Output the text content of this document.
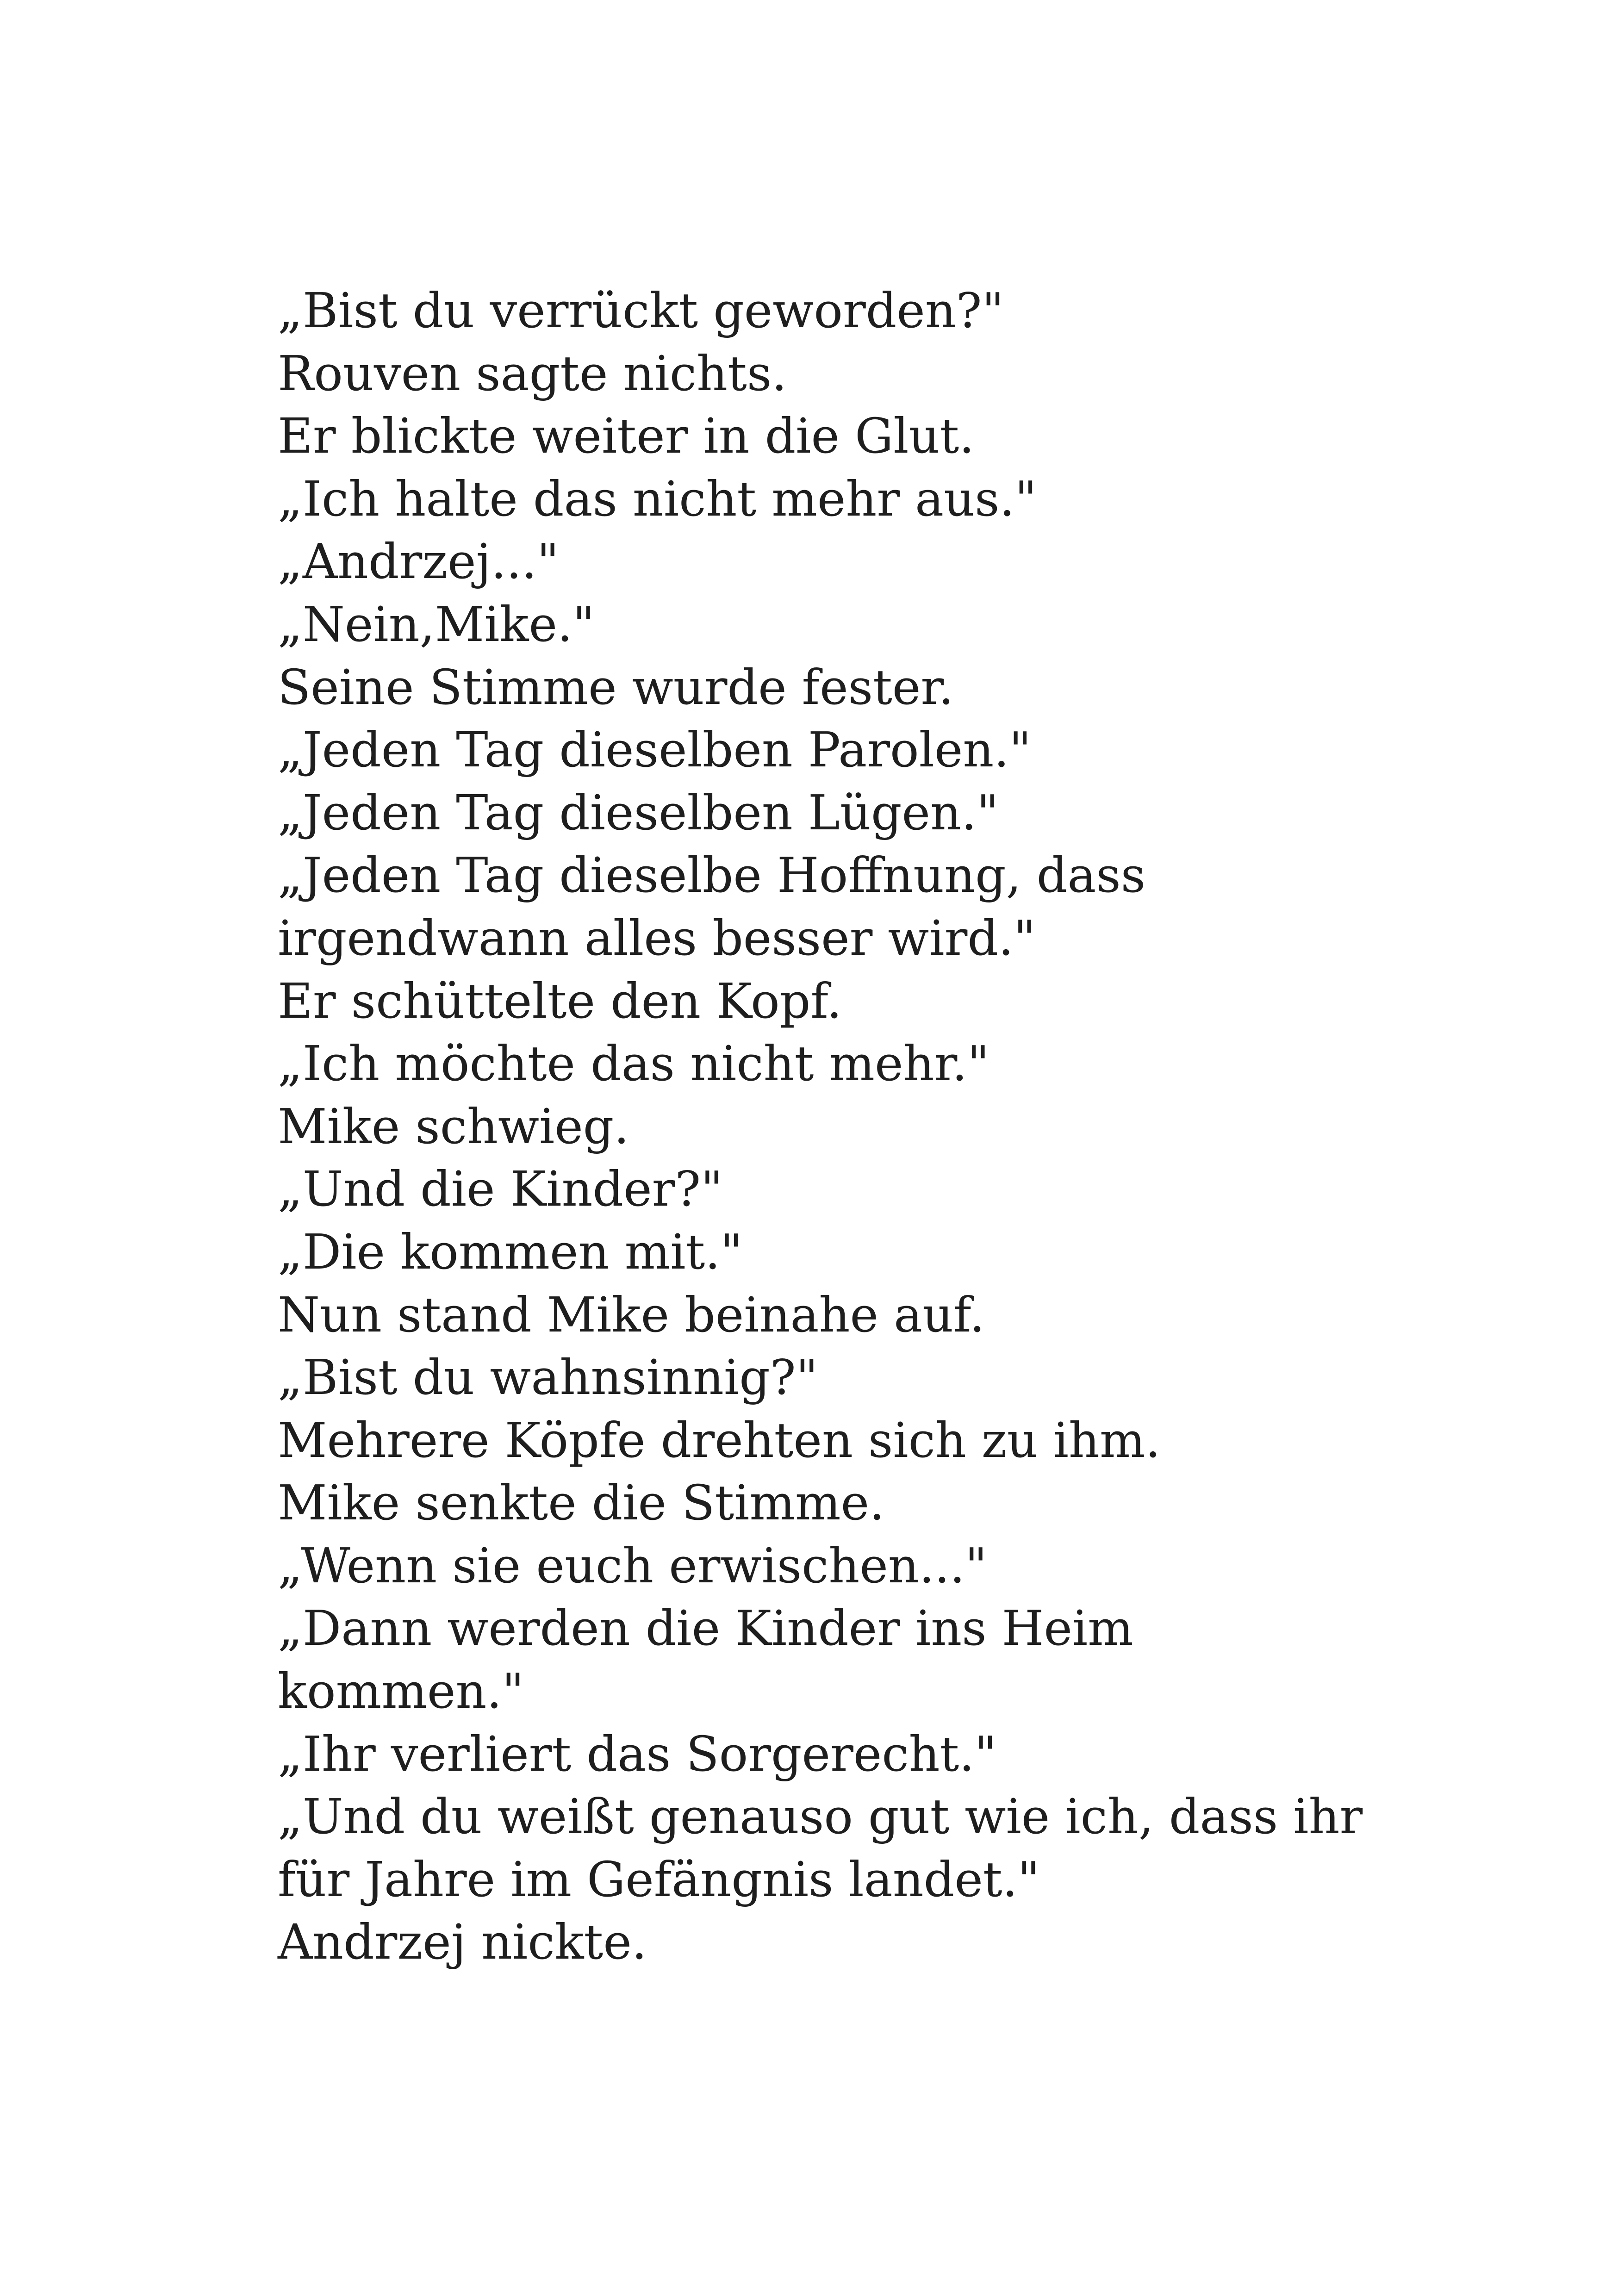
„Bist du verrückt geworden?"
Rouven sagte nichts.
Er blickte weiter in die Glut.
„Ich halte das nicht mehr aus."
„Andrzej..."
„Nein,Mike."
Seine Stimme wurde fester.
„Jeden Tag dieselben Parolen."
„Jeden Tag dieselben Lügen."
„Jeden Tag dieselbe Hoffnung, dass
irgendwann alles besser wird."
Er schüttelte den Kopf.
„Ich möchte das nicht mehr."
Mike schwieg.
„Und die Kinder?"
„Die kommen mit."
Nun stand Mike beinahe auf.
„Bist du wahnsinnig?"
Mehrere Köpfe drehten sich zu ihm.
Mike senkte die Stimme.
„Wenn sie euch erwischen..."
„Dann werden die Kinder ins Heim
kommen."
„Ihr verliert das Sorgerecht."
„Und du weißt genauso gut wie ich, dass ihr
für Jahre im Gefängnis landet."
Andrzej nickte.
